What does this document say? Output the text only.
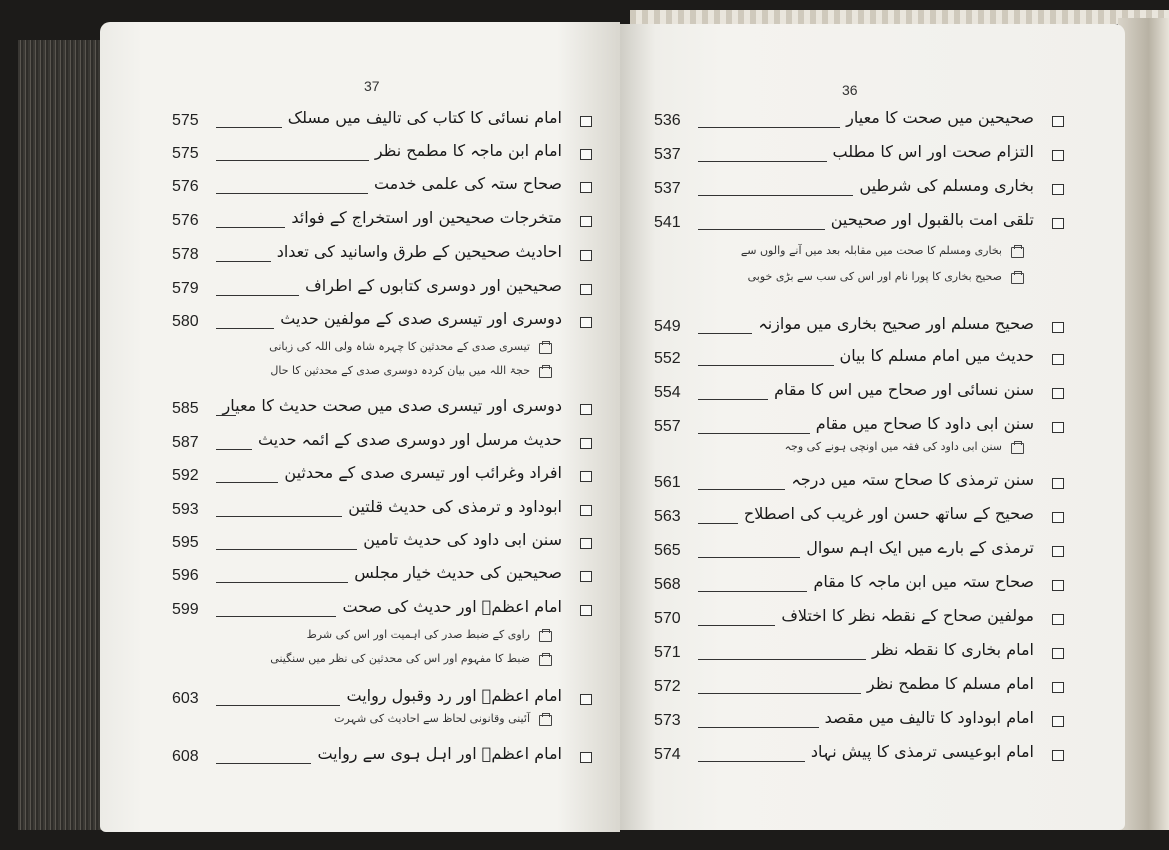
37
575	امام نسائی کا کتاب کی تالیف میں مسلک
575	امام ابن ماجہ کا مطمح نظر
576	صحاح ستہ کی علمی خدمت
576	متخرجات صحیحین اور استخراج کے فوائد
578	احادیث صحیحین کے طرق واسانید کی تعداد
579	صحیحین اور دوسری کتابوں کے اطراف
580	دوسری اور تیسری صدی کے مولفین حدیث
تیسری صدی کے محدثین کا چہرہ شاہ ولی اللہ کی زبانی
حجۃ اللہ میں بیان کردہ دوسری صدی کے محدثین کا حال
585	دوسری اور تیسری صدی میں صحت حدیث کا معیار
587	حدیث مرسل اور دوسری صدی کے ائمہ حدیث
592	افراد وغرائب اور تیسری صدی کے محدثین
593	ابوداود و ترمذی کی حدیث قلتین
595	سنن ابی داود کی حدیث تامین
596	صحیحین کی حدیث خیار مجلس
599	امام اعظمؒ اور حدیث کی صحت
راوی کے ضبط صدر کی اہمیت اور اس کی شرط
ضبط کا مفہوم اور اس کی محدثین کی نظر میں سنگینی
603	امام اعظمؒ اور رد وقبول روایت
آئینی وقانونی لحاظ سے احادیث کی شہرت
608	امام اعظمؒ اور اہل ہوی سے روایت
36
536	صحیحین میں صحت کا معیار
537	التزام صحت اور اس کا مطلب
537	بخاری ومسلم کی شرطیں
541	تلقی امت بالقبول اور صحیحین
بخاری ومسلم کا صحت میں مقابلہ بعد میں آنے والوں سے
صحیح بخاری کا پورا نام اور اس کی سب سے بڑی خوبی
549	صحیح مسلم اور صحیح بخاری میں موازنہ
552	حدیث میں امام مسلم کا بیان
554	سنن نسائی اور صحاح میں اس کا مقام
557	سنن ابی داود کا صحاح میں مقام
سنن ابی داود کی فقہ میں اونچی ہونے کی وجہ
561	سنن ترمذی کا صحاح ستہ میں درجہ
563	صحیح کے ساتھ حسن اور غریب کی اصطلاح
565	ترمذی کے بارے میں ایک اہم سوال
568	صحاح ستہ میں ابن ماجہ کا مقام
570	مولفین صحاح کے نقطہ نظر کا اختلاف
571	امام بخاری کا نقطہ نظر
572	امام مسلم کا مطمح نظر
573	امام ابوداود کا تالیف میں مقصد
574	امام ابوعیسی ترمذی کا پیش نہاد
